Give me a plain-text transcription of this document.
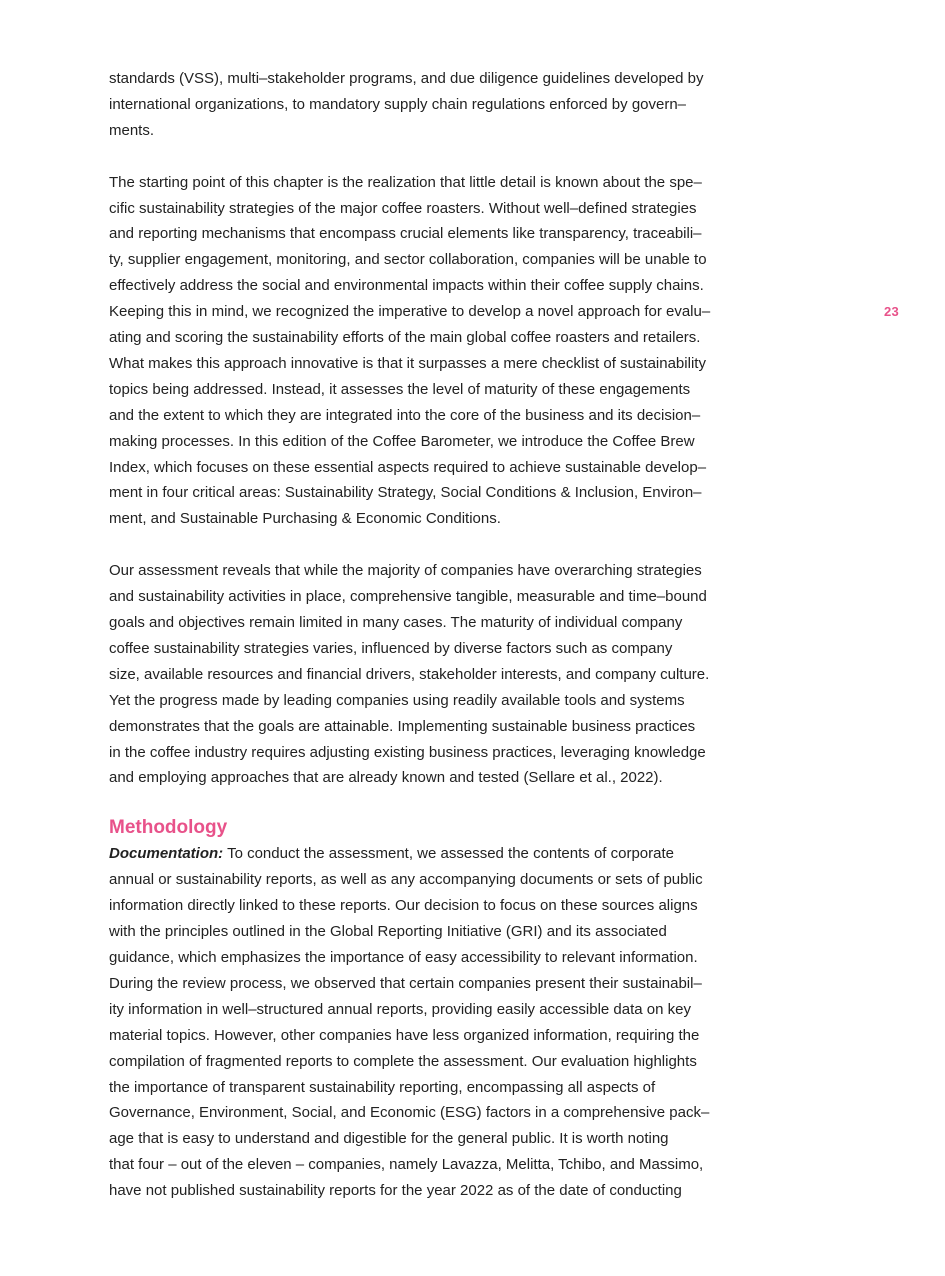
23

standards (VSS), multi–stakeholder programs, and due diligence guidelines developed by
international organizations, to mandatory supply chain regulations enforced by govern–
ments.

The starting point of this chapter is the realization that little detail is known about the spe–
cific sustainability strategies of the major coffee roasters. Without well–defined strategies
and reporting mechanisms that encompass crucial elements like transparency, traceabili–
ty, supplier engagement, monitoring, and sector collaboration, companies will be unable to
effectively address the social and environmental impacts within their coffee supply chains.
Keeping this in mind, we recognized the imperative to develop a novel approach for evalu–
ating and scoring the sustainability efforts of the main global coffee roasters and retailers.
What makes this approach innovative is that it surpasses a mere checklist of sustainability
topics being addressed. Instead, it assesses the level of maturity of these engagements
and the extent to which they are integrated into the core of the business and its decision–
making processes. In this edition of the Coffee Barometer, we introduce the Coffee Brew
Index, which focuses on these essential aspects required to achieve sustainable develop–
ment in four critical areas: Sustainability Strategy, Social Conditions & Inclusion, Environ–
ment, and Sustainable Purchasing & Economic Conditions.

Our assessment reveals that while the majority of companies have overarching strategies
and sustainability activities in place, comprehensive tangible, measurable and time–bound
goals and objectives remain limited in many cases. The maturity of individual company
coffee sustainability strategies varies, influenced by diverse factors such as company
size, available resources and financial drivers, stakeholder interests, and company culture.
Yet the progress made by leading companies using readily available tools and systems
demonstrates that the goals are attainable. Implementing sustainable business practices
in the coffee industry requires adjusting existing business practices, leveraging knowledge
and employing approaches that are already known and tested (Sellare et al., 2022).

Methodology

Documentation: To conduct the assessment, we assessed the contents of corporate
annual or sustainability reports, as well as any accompanying documents or sets of public
information directly linked to these reports. Our decision to focus on these sources aligns
with the principles outlined in the Global Reporting Initiative (GRI) and its associated
guidance, which emphasizes the importance of easy accessibility to relevant information.
During the review process, we observed that certain companies present their sustainabil–
ity information in well–structured annual reports, providing easily accessible data on key
material topics. However, other companies have less organized information, requiring the
compilation of fragmented reports to complete the assessment. Our evaluation highlights
the importance of transparent sustainability reporting, encompassing all aspects of
Governance, Environment, Social, and Economic (ESG) factors in a comprehensive pack–
age that is easy to understand and digestible for the general public. It is worth noting
that four – out of the eleven – companies, namely Lavazza, Melitta, Tchibo, and Massimo,
have not published sustainability reports for the year 2022 as of the date of conducting
